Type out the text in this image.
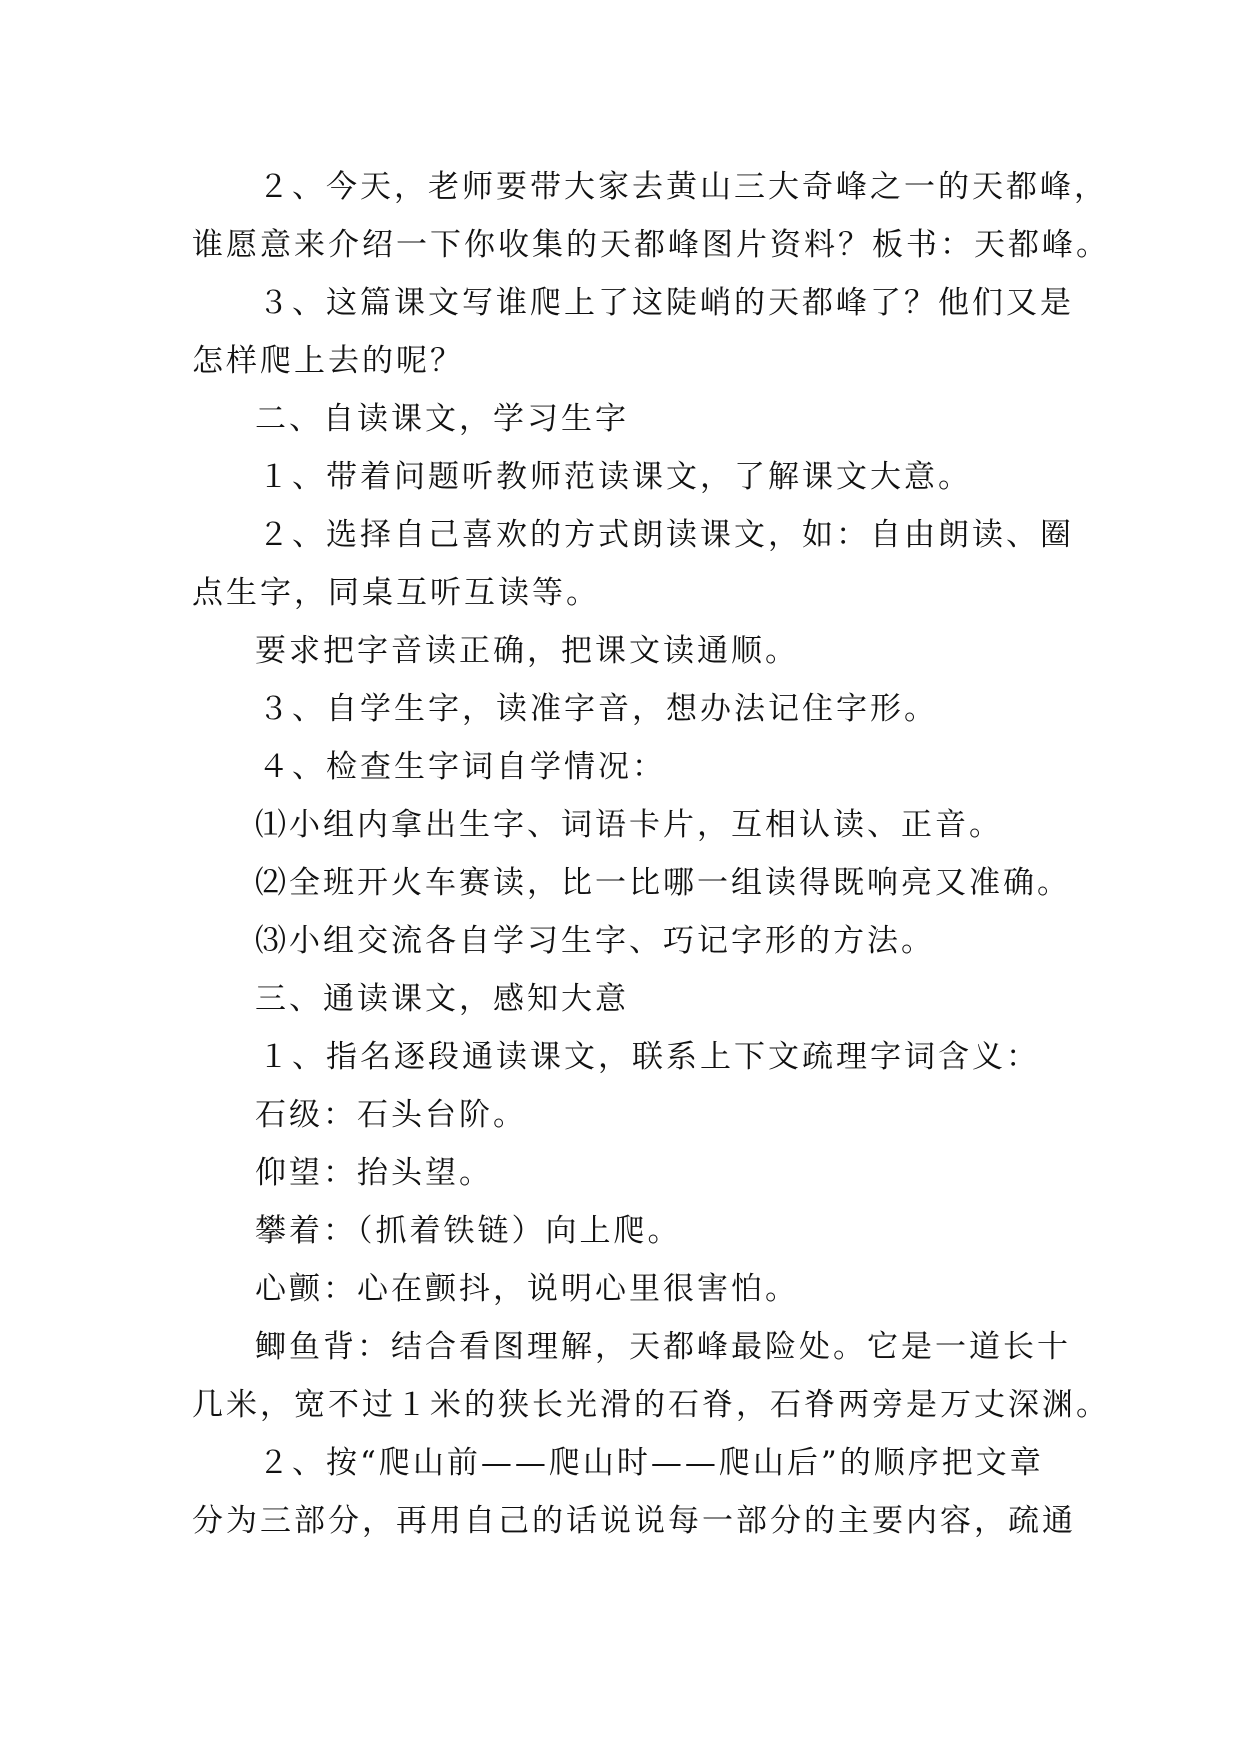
２、今天，老师要带大家去黄山三大奇峰之一的天都峰，
谁愿意来介绍一下你收集的天都峰图片资料？板书：天都峰。
３、这篇课文写谁爬上了这陡峭的天都峰了？他们又是
怎样爬上去的呢？
二、自读课文，学习生字
１、带着问题听教师范读课文，了解课文大意。
２、选择自己喜欢的方式朗读课文，如：自由朗读、圈
点生字，同桌互听互读等。
要求把字音读正确，把课文读通顺。
３、自学生字，读准字音，想办法记住字形。
４、检查生字词自学情况：
⑴小组内拿出生字、词语卡片，互相认读、正音。
⑵全班开火车赛读，比一比哪一组读得既响亮又准确。
⑶小组交流各自学习生字、巧记字形的方法。
三、通读课文，感知大意
１、指名逐段通读课文，联系上下文疏理字词含义：
石级：石头台阶。
仰望：抬头望。
攀着：（抓着铁链）向上爬。
心颤：心在颤抖，说明心里很害怕。
鲫鱼背：结合看图理解，天都峰最险处。它是一道长十
几米，宽不过１米的狭长光滑的石脊，石脊两旁是万丈深渊。
２、按“爬山前——爬山时——爬山后”的顺序把文章
分为三部分，再用自己的话说说每一部分的主要内容，疏通
